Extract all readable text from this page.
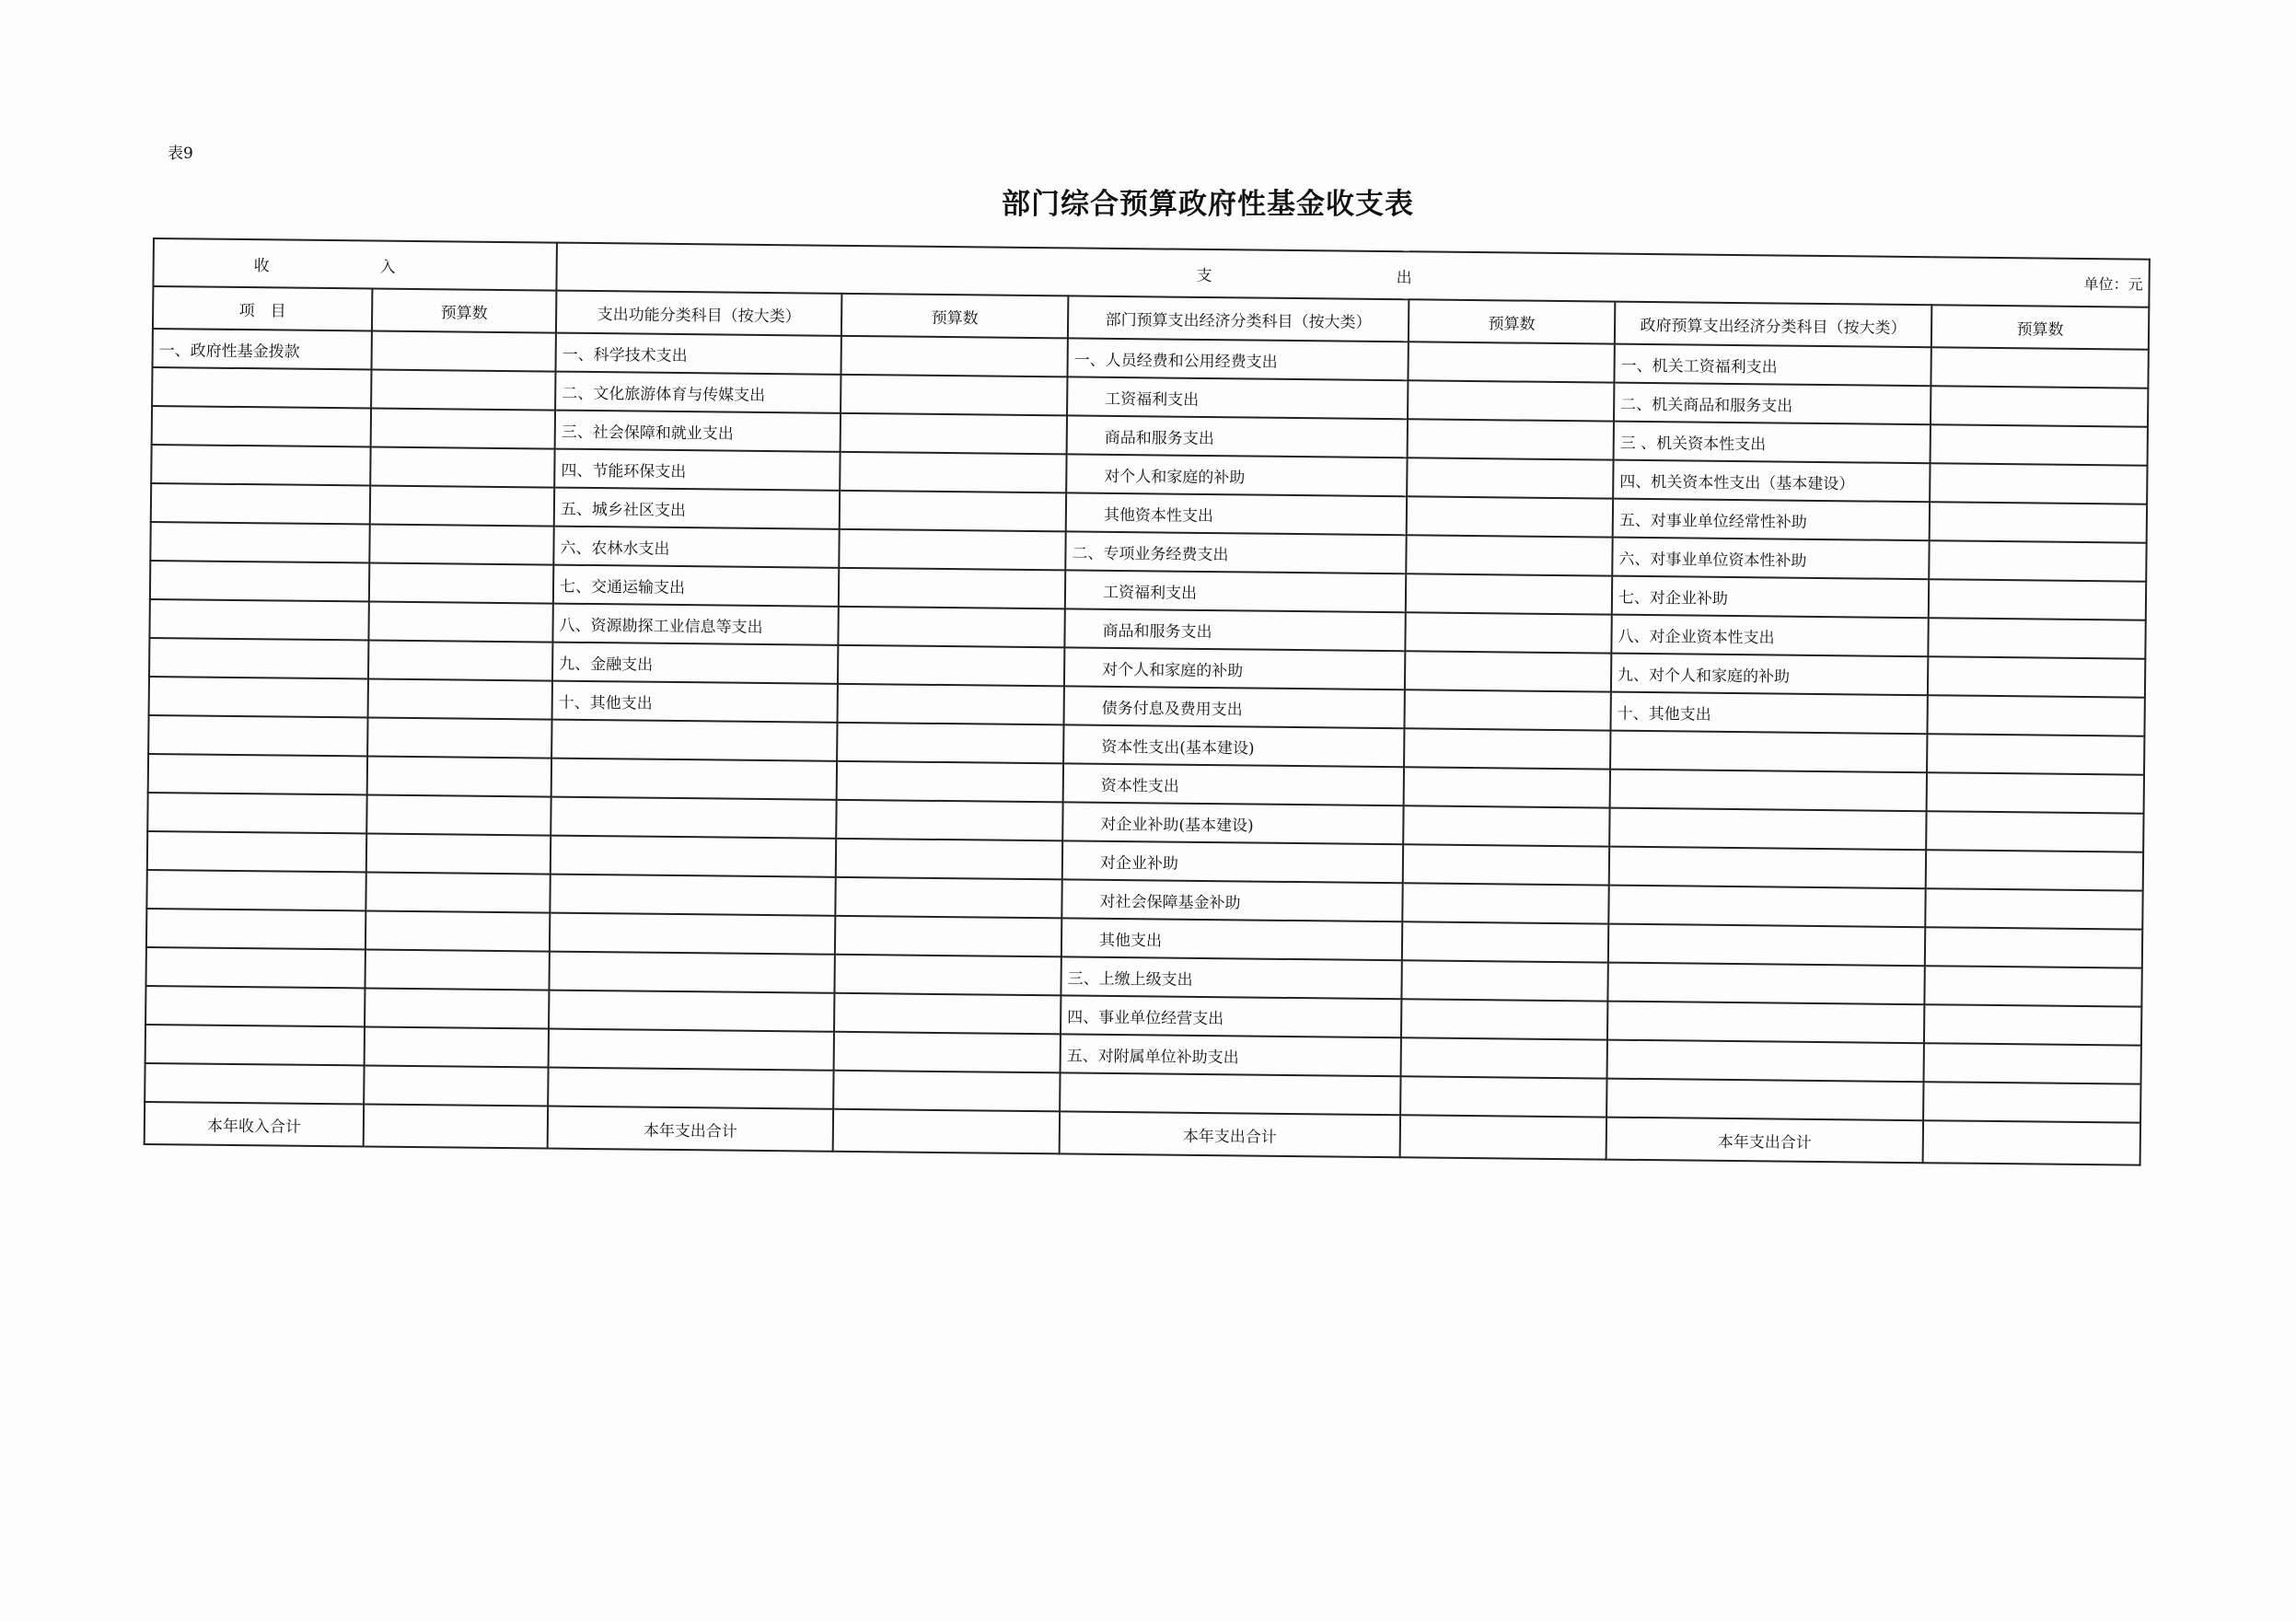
表9
部门综合预算政府性基金收支表
收入		支出 单位：元					

项　目	预算数	支出功能分类科目（按大类）	预算数	部门预算支出经济分类科目（按大类）	预算数	政府预算支出经济分类科目（按大类）	预算数
一、政府性基金拨款		一、科学技术支出		一、人员经费和公用经费支出		一、机关工资福利支出	
		二、文化旅游体育与传媒支出		工资福利支出		二、机关商品和服务支出	
		三、社会保障和就业支出		商品和服务支出		三 、机关资本性支出	
		四、节能环保支出		对个人和家庭的补助		四、机关资本性支出（基本建设）	
		五、城乡社区支出		其他资本性支出		五、对事业单位经常性补助	
		六、农林水支出		二、专项业务经费支出		六、对事业单位资本性补助	
		七、交通运输支出		工资福利支出		七、对企业补助	
		八、资源勘探工业信息等支出		商品和服务支出		八、对企业资本性支出	
		九、金融支出		对个人和家庭的补助		九、对个人和家庭的补助	
		十、其他支出		债务付息及费用支出		十、其他支出	
				资本性支出(基本建设)			
				资本性支出			
				对企业补助(基本建设)			
				对企业补助			
				对社会保障基金补助			
				其他支出			
				三、上缴上级支出			
				四、事业单位经营支出			
				五、对附属单位补助支出			

本年收入合计		本年支出合计		本年支出合计		本年支出合计	
